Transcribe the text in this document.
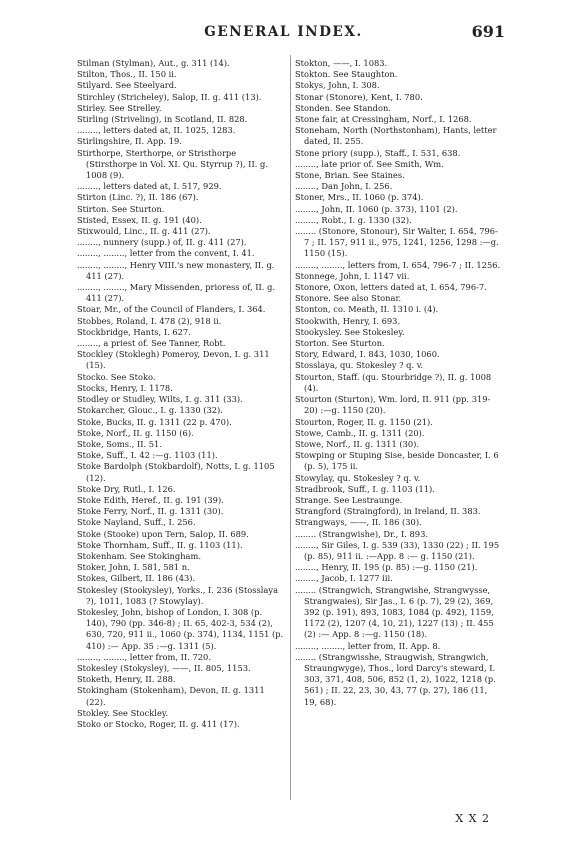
GENERAL INDEX.	691
Stilman (Stylman), Aut., g. 311 (14).
Stilton, Thos., II. 150 ii.
Stilyard. See Steelyard.
Stirchley (Stricheley), Salop, II. g. 411 (13).
Stirley. See Strelley.
Stirling (Striveling), in Scotland, II. 828.
........, letters dated at, II. 1025, 1283.
Stirlingshire, II. App. 19.
Stirthorpe, Sterthorpe, or Stristhorpe (Stirsthorpe in Vol. XI. Qu. Styrrup ?), II. g. 1008 (9).
........, letters dated at, I. 517, 929.
Stirton (Linc. ?), II. 186 (67).
Stirton. See Sturton.
Stisted, Essex, II. g. 191 (40).
Stixwould, Linc., II. g. 411 (27).
........, nunnery (supp.) of, II. g. 411 (27).
........, ........, letter from the convent, I. 41.
........, ........, Henry VIII.'s new monastery, II. g. 411 (27).
........, ........, Mary Missenden, prioress of, II. g. 411 (27).
Stoar, Mr., of the Council of Flanders, I. 364.
Stobbes, Roland, I. 478 (2), 918 ii.
Stockbridge, Hants, I. 627.
........, a priest of. See Tanner, Robt.
Stockley (Stoklegh) Pomeroy, Devon, I. g. 311 (15).
Stocko. See Stoko.
Stocks, Henry, I. 1178.
Stodley or Studley, Wilts, I. g. 311 (33).
Stokarcher, Glouc., I. g. 1330 (32).
Stoke, Bucks, II. g. 1311 (22 p. 470).
Stoke, Norf., II. g. 1150 (6).
Stoke, Soms., II. 51.
Stoke, Suff., I. 42 :—g. 1103 (11).
Stoke Bardolph (Stokbardolf), Notts, I. g. 1105 (12).
Stoke Dry, Rutl., I. 126.
Stoke Edith, Heref., II. g. 191 (39).
Stoke Ferry, Norf., II. g. 1311 (30).
Stoke Nayland, Suff., I. 256.
Stoke (Stooke) upon Tern, Salop, II. 689.
Stoke Thornham, Suff., II. g. 1103 (11).
Stokenham. See Stokingham.
Stoker, John, I. 581, 581 n.
Stokes, Gilbert, II. 186 (43).
Stokesley (Stookysley), Yorks., I. 236 (Stosslaya ?), 1011, 1083 (? Stowylay).
Stokesley, John, bishop of London, I. 308 (p. 140), 790 (pp. 346-8) ; II. 65, 402-3, 534 (2), 630, 720, 911 ii., 1060 (p. 374), 1134, 1151 (p. 410) :— App. 35 :—g. 1311 (5).
........, ........, letter from, II. 720.
Stokesley (Stokysley), ——, II. 805, 1153.
Stoketh, Henry, II. 288.
Stokingham (Stokenham), Devon, II. g. 1311 (22).
Stokley. See Stockley.
Stoko or Stocko, Roger, II. g. 411 (17).
Stokton, ——, I. 1083.
Stokton. See Staughton.
Stokys, John, I. 308.
Stonar (Stonore), Kent, I. 780.
Stonden. See Standon.
Stone fair, at Cressingham, Norf., I. 1268.
Stoneham, North (Northstonham), Hants, letter dated, II. 255.
Stone priory (supp.), Staff., I. 531, 638.
........, late prior of. See Smith, Wm.
Stone, Brian. See Staines.
........, Dan John, I. 256.
Stoner, Mrs., II. 1060 (p. 374).
........, John, II. 1060 (p. 373), 1101 (2).
........, Robt., I. g. 1330 (32).
........ (Stonore, Stonour), Sir Walter, I. 654, 796-7 ; II. 157, 911 ii., 975, 1241, 1256, 1298 :—g. 1150 (15).
........, ........, letters from, I. 654, 796-7 ; II. 1256.
Stonnege, John, I. 1147 vii.
Stonore, Oxon, letters dated at, I. 654, 796-7.
Stonore. See also Stonar.
Stonton, co. Meath, II. 1310 i. (4).
Stookwith, Henry, I. 693.
Stookysley. See Stokesley.
Storton. See Sturton.
Story, Edward, I. 843, 1030, 1060.
Stosslaya, qu. Stokesley ? q. v.
Stourton, Staff. (qu. Stourbridge ?), II. g. 1008 (4).
Stourton (Sturton), Wm. lord, II. 911 (pp. 319-20) :—g. 1150 (20).
Stourton, Roger, II. g. 1150 (21).
Stowe, Camb., II. g. 1311 (20).
Stowe, Norf., II. g. 1311 (30).
Stowping or Stuping Sise, beside Doncaster, I. 6 (p. 5), 175 ii.
Stowylay, qu. Stokesley ? q. v.
Stradbrook, Suff., I. g. 1103 (11).
Strange. See Lestraunge.
Strangford (Straingford), in Ireland, II. 383.
Strangways, ——, II. 186 (30).
........ (Strangwishe), Dr., I. 893.
........, Sir Giles, I. g. 539 (33), 1330 (22) ; II. 195 (p. 85), 911 ii. :—App. 8 :— g. 1150 (21).
........, Henry, II. 195 (p. 85) :—g. 1150 (21).
........, Jacob, I. 1277 iii.
........ (Strangwich, Strangwishe, Strangwysse, Strangwaies), Sir Jas., I. 6 (p. 7), 29 (2), 369, 392 (p. 191), 893, 1083, 1084 (p. 492), 1159, 1172 (2), 1207 (4, 10, 21), 1227 (13) ; II. 455 (2) :— App. 8 :—g. 1150 (18).
........, ........, letter from, II. App. 8.
........ (Strangwisshe, Straugwish, Strangwich, Straungwyge), Thos., lord Darcy's steward, I. 303, 371, 408, 506, 852 (1, 2), 1022, 1218 (p. 561) ; II. 22, 23, 30, 43, 77 (p. 27), 186 (11, 19, 68).
X X 2
